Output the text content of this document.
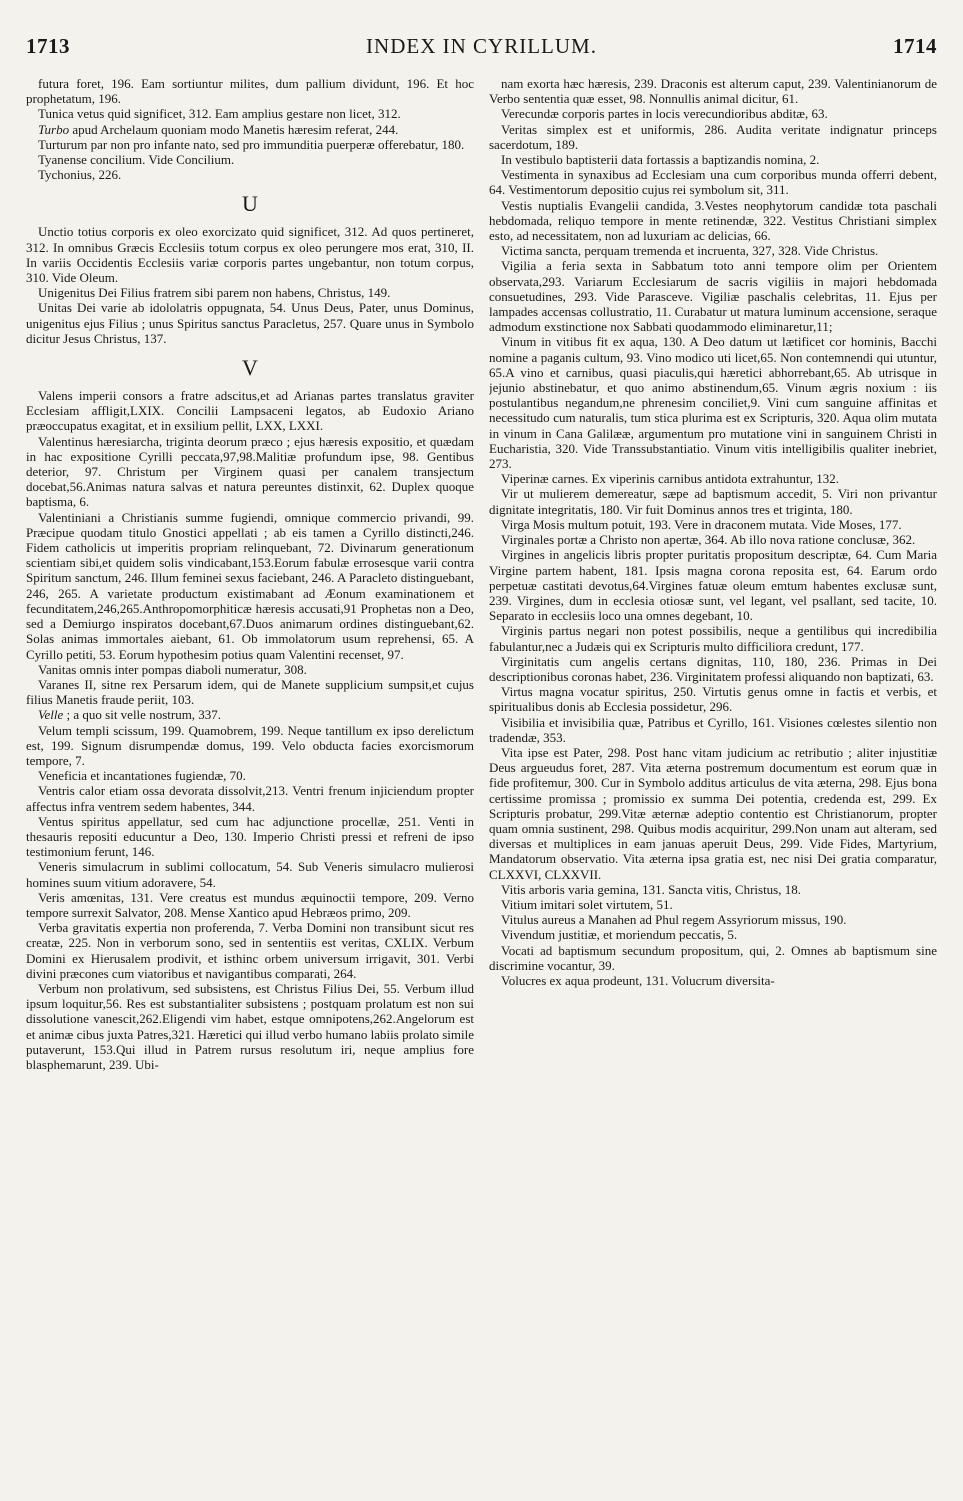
1713	INDEX IN CYRILLUM.	1714

futura foret, 196. Eam sortiuntur milites, dum pallium dividunt, 196. Et hoc prophetatum, 196.

Tunica vetus quid significet, 312. Eam amplius gestare non licet, 312.

Turbo apud Archelaum quoniam modo Manetis hæresim referat, 244.

Turturum par non pro infante nato, sed pro immunditia puerperæ offerebatur, 180.

Tyanense concilium. Vide Concilium.

Tychonius, 226.

U

Unctio totius corporis ex oleo exorcizato quid significet, 312. Ad quos pertineret, 312. In omnibus Græcis Ecclesiis totum corpus ex oleo perungere mos erat, 310, II. In variis Occidentis Ecclesiis variæ corporis partes ungebantur, non totum corpus, 310. Vide Oleum.

Unigenitus Dei Filius fratrem sibi parem non habens, Christus, 149.

Unitas Dei varie ab idololatris oppugnata, 54. Unus Deus, Pater, unus Dominus, unigenitus ejus Filius ; unus Spiritus sanctus Paracletus, 257. Quare unus in Symbolo dicitur Jesus Christus, 137.

V

Valens imperii consors a fratre adscitus,et ad Arianas partes translatus graviter Ecclesiam affligit,LXIX. Concilii Lampsaceni legatos, ab Eudoxio Ariano præoccupatus exagitat, et in exsilium pellit, LXX, LXXI.

Valentinus hæresiarcha, triginta deorum præco ; ejus hæresis expositio, et quædam in hac expositione Cyrilli peccata,97,98.Malitiæ profundum ipse, 98. Gentibus deterior, 97. Christum per Virginem quasi per canalem transjectum docebat,56.Animas natura salvas et natura pereuntes distinxit, 62. Duplex quoque baptisma, 6.

Valentiniani a Christianis summe fugiendi, omnique commercio privandi, 99. Præcipue quodam titulo Gnostici appellati ; ab eis tamen a Cyrillo distincti,246. Fidem catholicis ut imperitis propriam relinquebant, 72. Divinarum generationum scientiam sibi,et quidem solis vindicabant,153.Eorum fabulæ errosesque varii contra Spiritum sanctum, 246. Illum feminei sexus faciebant, 246. A Paracleto distinguebant, 246, 265. A varietate productum existimabant ad Æonum examinationem et fecunditatem,246,265.Anthropomorphiticæ hæresis accusati,91 Prophetas non a Deo, sed a Demiurgo inspiratos docebant,67.Duos animarum ordines distinguebant,62. Solas animas immortales aiebant, 61. Ob immolatorum usum reprehensi, 65. A Cyrillo petiti, 53. Eorum hypothesim potius quam Valentini recenset, 97.

Vanitas omnis inter pompas diaboli numeratur, 308.

Varanes II, sitne rex Persarum idem, qui de Manete supplicium sumpsit,et cujus filius Manetis fraude periit, 103.

Velle ; a quo sit velle nostrum, 337.

Velum templi scissum, 199. Quamobrem, 199. Neque tantillum ex ipso derelictum est, 199. Signum disrumpendæ domus, 199. Velo obducta facies exorcismorum tempore, 7.

Veneficia et incantationes fugiendæ, 70.

Ventris calor etiam ossa devorata dissolvit,213. Ventri frenum injiciendum propter affectus infra ventrem sedem habentes, 344.

Ventus spiritus appellatur, sed cum hac adjunctione procellæ, 251. Venti in thesauris repositi educuntur a Deo, 130. Imperio Christi pressi et refreni de ipso testimonium ferunt, 146.

Veneris simulacrum in sublimi collocatum, 54. Sub Veneris simulacro mulierosi homines suum vitium adoravere, 54.

Veris amœnitas, 131. Vere creatus est mundus æquinoctii tempore, 209. Verno tempore surrexit Salvator, 208. Mense Xantico apud Hebræos primo, 209.

Verba gravitatis expertia non proferenda, 7. Verba Domini non transibunt sicut res creatæ, 225. Non in verborum sono, sed in sententiis est veritas, CXLIX. Verbum Domini ex Hierusalem prodivit, et isthinc orbem universum irrigavit, 301. Verbi divini præcones cum viatoribus et navigantibus comparati, 264.

Verbum non prolativum, sed subsistens, est Christus Filius Dei, 55. Verbum illud ipsum loquitur,56. Res est substantialiter subsistens ; postquam prolatum est non sui dissolutione vanescit,262.Eligendi vim habet, estque omnipotens,262.Angelorum est et animæ cibus juxta Patres,321. Hæretici qui illud verbo humano labiis prolato simile putaverunt, 153.Qui illud in Patrem rursus resolutum iri, neque amplius fore blasphemarunt, 239. Ubi-

nam exorta hæc hæresis, 239. Draconis est alterum caput, 239. Valentinianorum de Verbo sententia quæ esset, 98. Nonnullis animal dicitur, 61.

Verecundæ corporis partes in locis verecundioribus abditæ, 63.

Veritas simplex est et uniformis, 286. Audita veritate indignatur princeps sacerdotum, 189.

In vestibulo baptisterii data fortassis a baptizandis nomina, 2.

Vestimenta in synaxibus ad Ecclesiam una cum corporibus munda offerri debent, 64. Vestimentorum depositio cujus rei symbolum sit, 311.

Vestis nuptialis Evangelii candida, 3.Vestes neophytorum candidæ tota paschali hebdomada, reliquo tempore in mente retinendæ, 322. Vestitus Christiani simplex esto, ad necessitatem, non ad luxuriam ac delicias, 66.

Victima sancta, perquam tremenda et incruenta, 327, 328. Vide Christus.

Vigilia a feria sexta in Sabbatum toto anni tempore olim per Orientem observata,293. Variarum Ecclesiarum de sacris vigiliis in majori hebdomada consuetudines, 293. Vide Parasceve. Vigiliæ paschalis celebritas, 11. Ejus per lampades accensas collustratio, 11. Curabatur ut matura luminum accensione, seraque admodum exstinctione nox Sabbati quodammodo eliminaretur,11;

Vinum in vitibus fit ex aqua, 130. A Deo datum ut lætificet cor hominis, Bacchi nomine a paganis cultum, 93. Vino modico uti licet,65. Non contemnendi qui utuntur, 65.A vino et carnibus, quasi piaculis,qui hæretici abhorrebant,65. Ab utrisque in jejunio abstinebatur, et quo animo abstinendum,65. Vinum ægris noxium : iis postulantibus negandum,ne phrenesim conciliet,9. Vini cum sanguine affinitas et necessitudo cum naturalis, tum stica plurima est ex Scripturis, 320. Aqua olim mutata in vinum in Cana Galilææ, argumentum pro mutatione vini in sanguinem Christi in Eucharistia, 320. Vide Transsubstantiatio. Vinum vitis intelligibilis qualiter inebriet, 273.

Viperinæ carnes. Ex viperinis carnibus antidota extrahuntur, 132.

Vir ut mulierem demereatur, sæpe ad baptismum accedit, 5. Viri non privantur dignitate integritatis, 180. Vir fuit Dominus annos tres et triginta, 180.

Virga Mosis multum potuit, 193. Vere in draconem mutata. Vide Moses, 177.

Virginales portæ a Christo non apertæ, 364. Ab illo nova ratione conclusæ, 362.

Virgines in angelicis libris propter puritatis propositum descriptæ, 64. Cum Maria Virgine partem habent, 181. Ipsis magna corona reposita est, 64. Earum ordo perpetuæ castitati devotus,64.Virgines fatuæ oleum emtum habentes exclusæ sunt, 239. Virgines, dum in ecclesia otiosæ sunt, vel legant, vel psallant, sed tacite, 10. Separato in ecclesiis loco una omnes degebant, 10.

Virginis partus negari non potest possibilis, neque a gentilibus qui incredibilia fabulantur,nec a Judæis qui ex Scripturis multo difficiliora credunt, 177.

Virginitatis cum angelis certans dignitas, 110, 180, 236. Primas in Dei descriptionibus coronas habet, 236. Virginitatem professi aliquando non baptizati, 63.

Virtus magna vocatur spiritus, 250. Virtutis genus omne in factis et verbis, et spiritualibus donis ab Ecclesia possidetur, 296.

Visibilia et invisibilia quæ, Patribus et Cyrillo, 161. Visiones cœlestes silentio non tradendæ, 353.

Vita ipse est Pater, 298. Post hanc vitam judicium ac retributio ; aliter injustitiæ Deus argueudus foret, 287. Vita æterna postremum documentum est eorum quæ in fide profitemur, 300. Cur in Symbolo additus articulus de vita æterna, 298. Ejus bona certissime promissa ; promissio ex summa Dei potentia, credenda est, 299. Ex Scripturis probatur, 299.Vitæ æternæ adeptio contentio est Christianorum, propter quam omnia sustinent, 298. Quibus modis acquiritur, 299.Non unam aut alteram, sed diversas et multiplices in eam januas aperuit Deus, 299. Vide Fides, Martyrium, Mandatorum observatio. Vita æterna ipsa gratia est, nec nisi Dei gratia comparatur, CLXXVI, CLXXVII.

Vitis arboris varia gemina, 131. Sancta vitis, Christus, 18.

Vitium imitari solet virtutem, 51.

Vitulus aureus a Manahen ad Phul regem Assyriorum missus, 190.

Vivendum justitiæ, et moriendum peccatis, 5.

Vocati ad baptismum secundum propositum, qui, 2. Omnes ab baptismum sine discrimine vocantur, 39.

Volucres ex aqua prodeunt, 131. Volucrum diversita-
